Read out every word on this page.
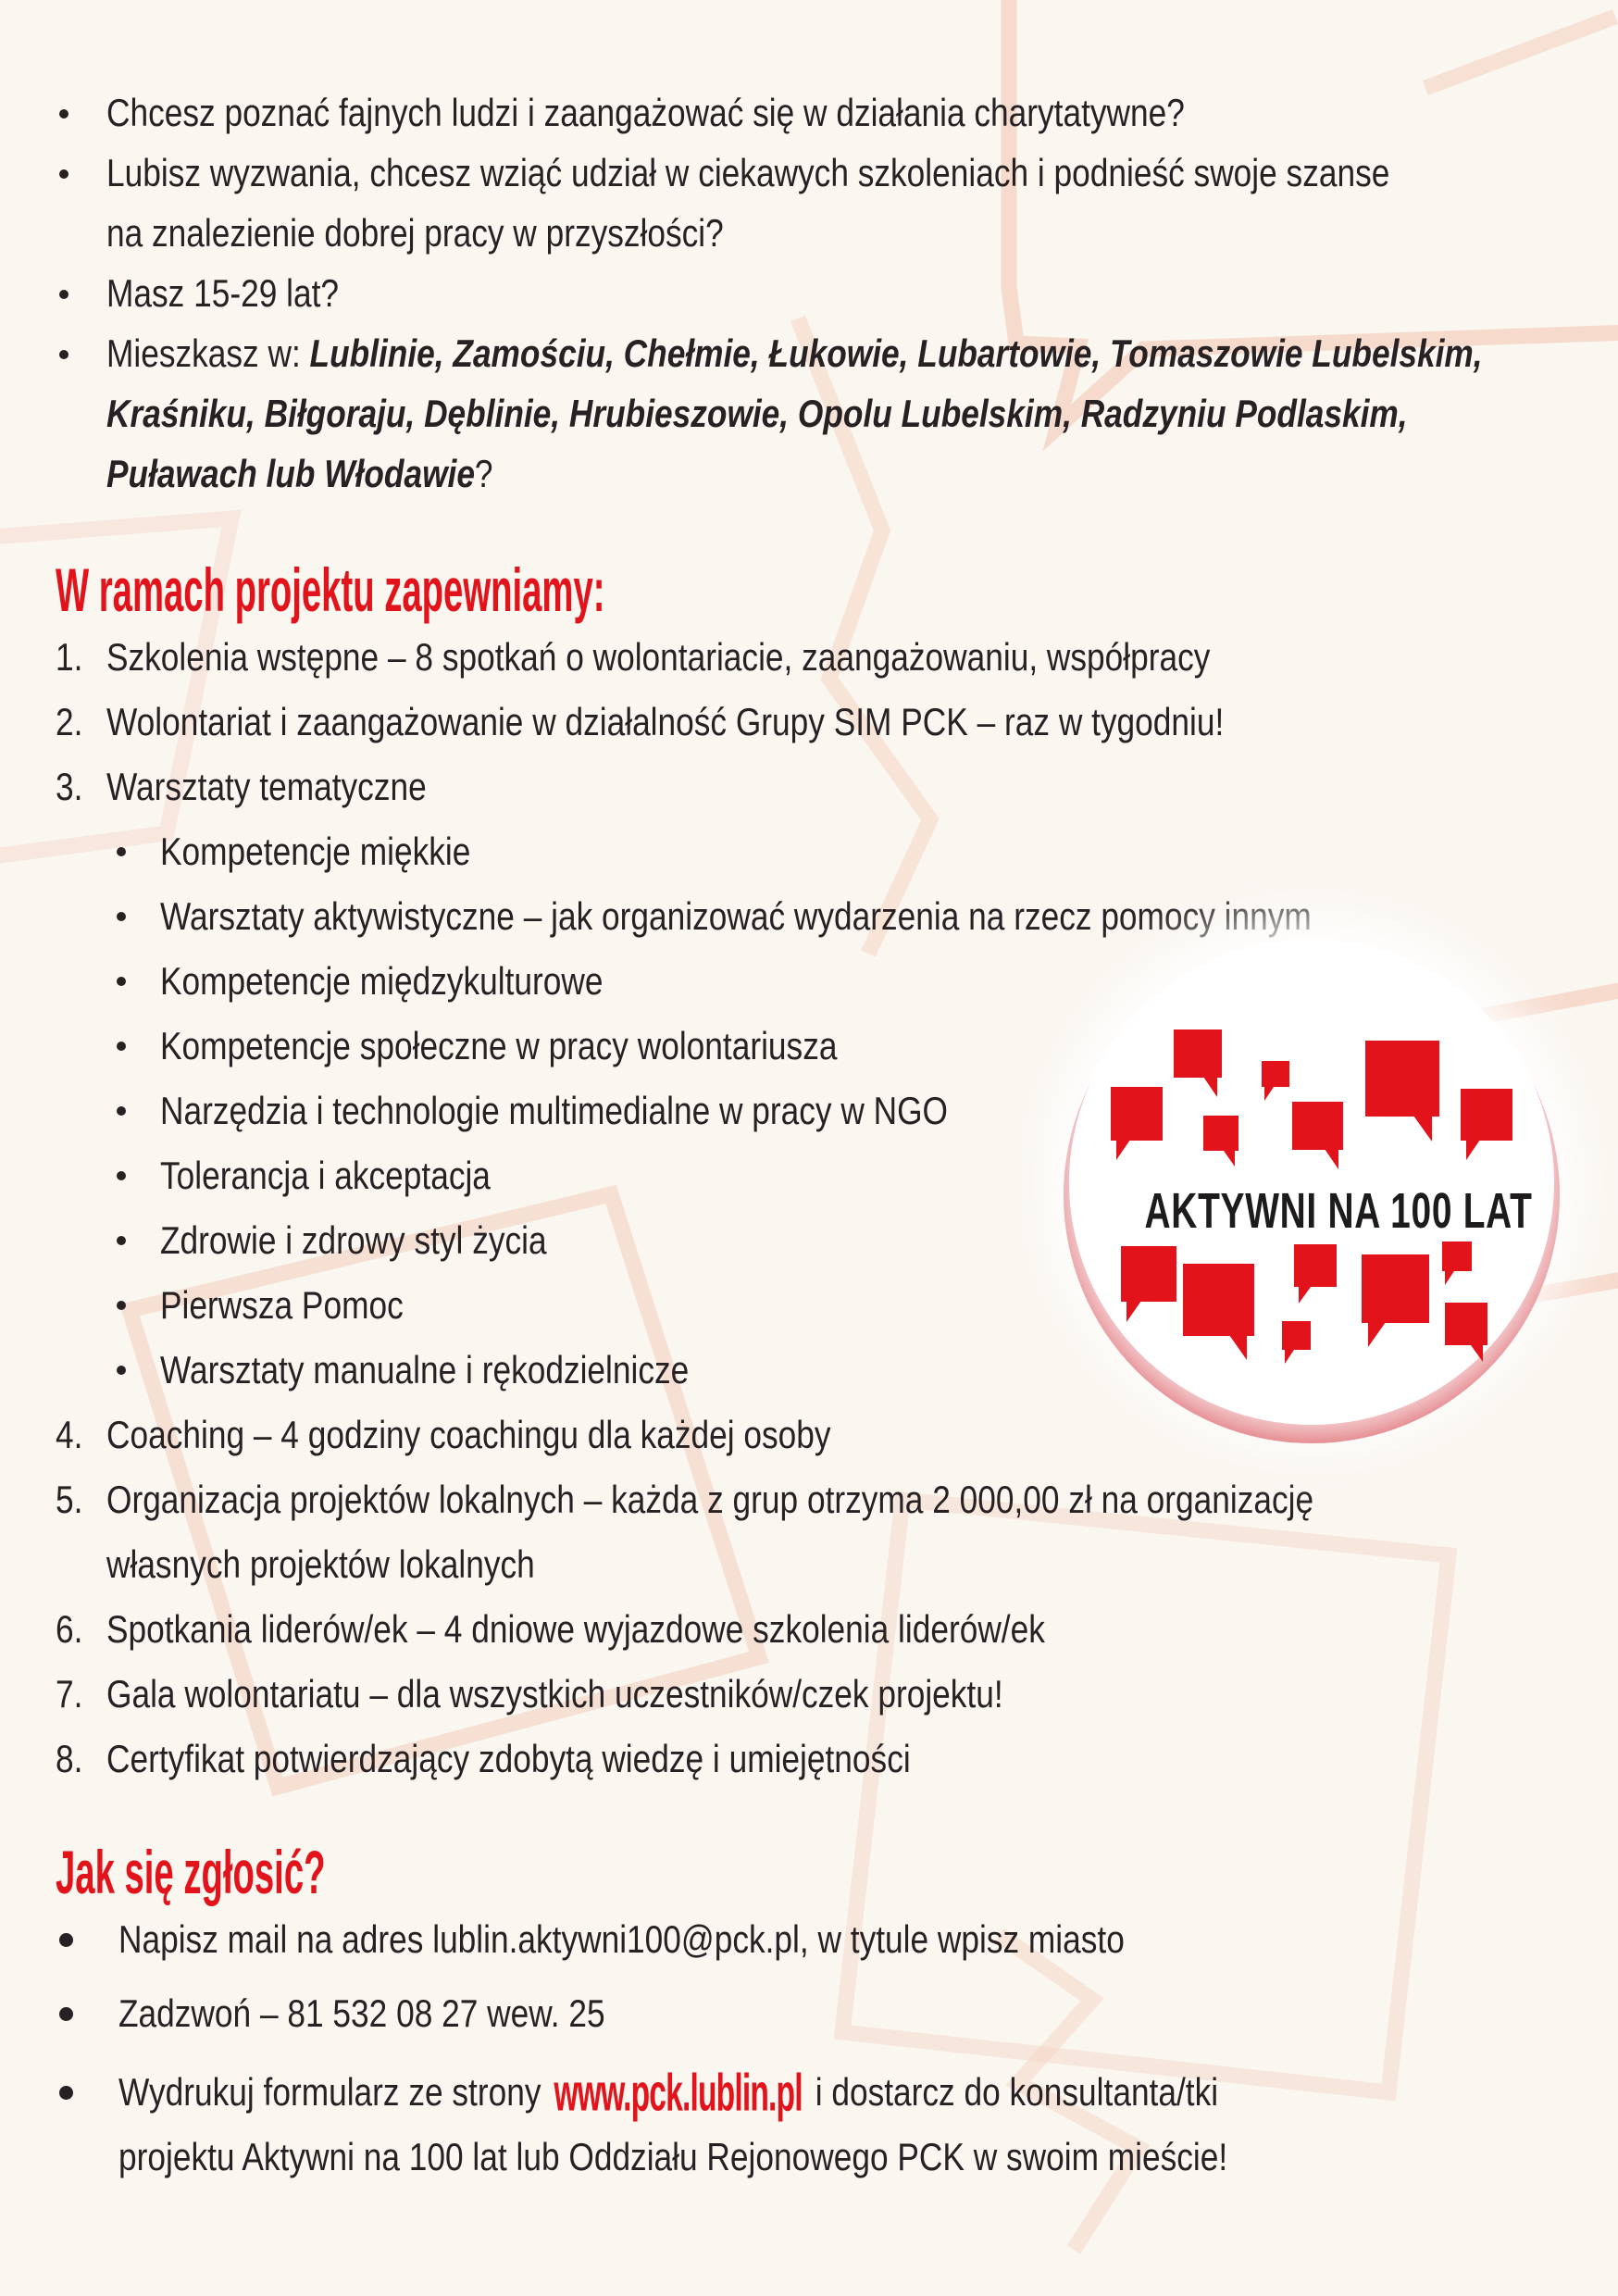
Chcesz poznać fajnych ludzi i zaangażować się w działania charytatywne?
Lubisz wyzwania, chcesz wziąć udział w ciekawych szkoleniach i podnieść swoje szanse
na znalezienie dobrej pracy w przyszłości?
Masz 15-29 lat?
Mieszkasz w: Lublinie, Zamościu, Chełmie, Łukowie, Lubartowie, Tomaszowie Lubelskim,
Kraśniku, Biłgoraju, Dęblinie, Hrubieszowie, Opolu Lubelskim, Radzyniu Podlaskim,
Puławach lub Włodawie?
W ramach projektu zapewniamy:
1. Szkolenia wstępne – 8 spotkań o wolontariacie, zaangażowaniu, współpracy
2. Wolontariat i zaangażowanie w działalność Grupy SIM PCK – raz w tygodniu!
3. Warsztaty tematyczne
Kompetencje miękkie
Warsztaty aktywistyczne – jak organizować wydarzenia na rzecz pomocy innym
Kompetencje międzykulturowe
Kompetencje społeczne w pracy wolontariusza
Narzędzia i technologie multimedialne w pracy w NGO
Tolerancja i akceptacja
Zdrowie i zdrowy styl życia
Pierwsza Pomoc
Warsztaty manualne i rękodzielnicze
4. Coaching – 4 godziny coachingu dla każdej osoby
5. Organizacja projektów lokalnych – każda z grup otrzyma 2 000,00 zł na organizację
własnych projektów lokalnych
6. Spotkania liderów/ek – 4 dniowe wyjazdowe szkolenia liderów/ek
7. Gala wolontariatu – dla wszystkich uczestników/czek projektu!
8. Certyfikat potwierdzający zdobytą wiedzę i umiejętności
AKTYWNI NA 100 LAT
Jak się zgłosić?
Napisz mail na adres lublin.aktywni100@pck.pl, w tytule wpisz miasto
Zadzwoń – 81 532 08 27 wew. 25
Wydrukuj formularz ze strony www.pck.lublin.pl i dostarcz do konsultanta/tki
projektu Aktywni na 100 lat lub Oddziału Rejonowego PCK w swoim mieście!
